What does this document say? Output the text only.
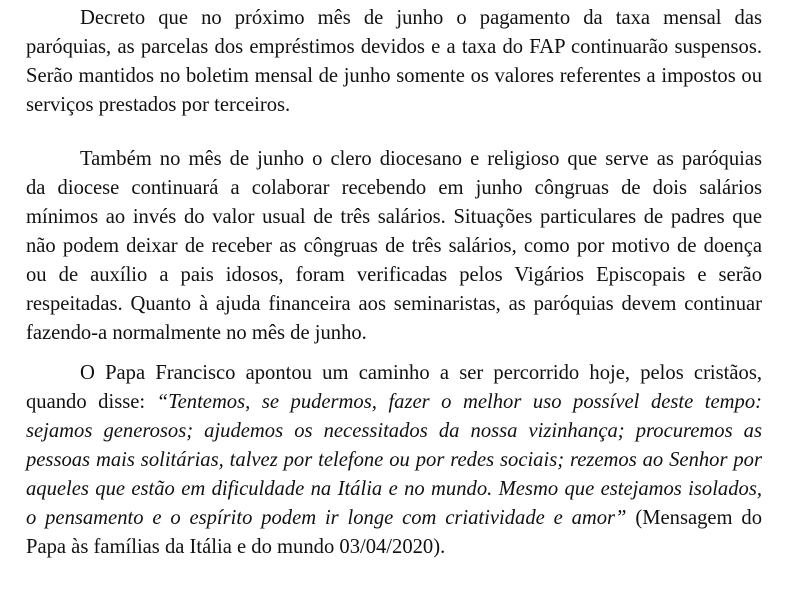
Decreto que no próximo mês de junho o pagamento da taxa mensal das
paróquias, as parcelas dos empréstimos devidos e a taxa do FAP continuarão suspensos.
Serão mantidos no boletim mensal de junho somente os valores referentes a impostos ou
serviços prestados por terceiros.
Também no mês de junho o clero diocesano e religioso que serve as paróquias
da diocese continuará a colaborar recebendo em junho côngruas de dois salários
mínimos ao invés do valor usual de três salários. Situações particulares de padres que
não podem deixar de receber as côngruas de três salários, como por motivo de doença
ou de auxílio a pais idosos, foram verificadas pelos Vigários Episcopais e serão
respeitadas. Quanto à ajuda financeira aos seminaristas, as paróquias devem continuar
fazendo-a normalmente no mês de junho.
O Papa Francisco apontou um caminho a ser percorrido hoje, pelos cristãos,
quando disse: “Tentemos, se pudermos, fazer o melhor uso possível deste tempo:
sejamos generosos; ajudemos os necessitados da nossa vizinhança; procuremos as
pessoas mais solitárias, talvez por telefone ou por redes sociais; rezemos ao Senhor por
aqueles que estão em dificuldade na Itália e no mundo. Mesmo que estejamos isolados,
o pensamento e o espírito podem ir longe com criatividade e amor” (Mensagem do
Papa às famílias da Itália e do mundo 03/04/2020).
